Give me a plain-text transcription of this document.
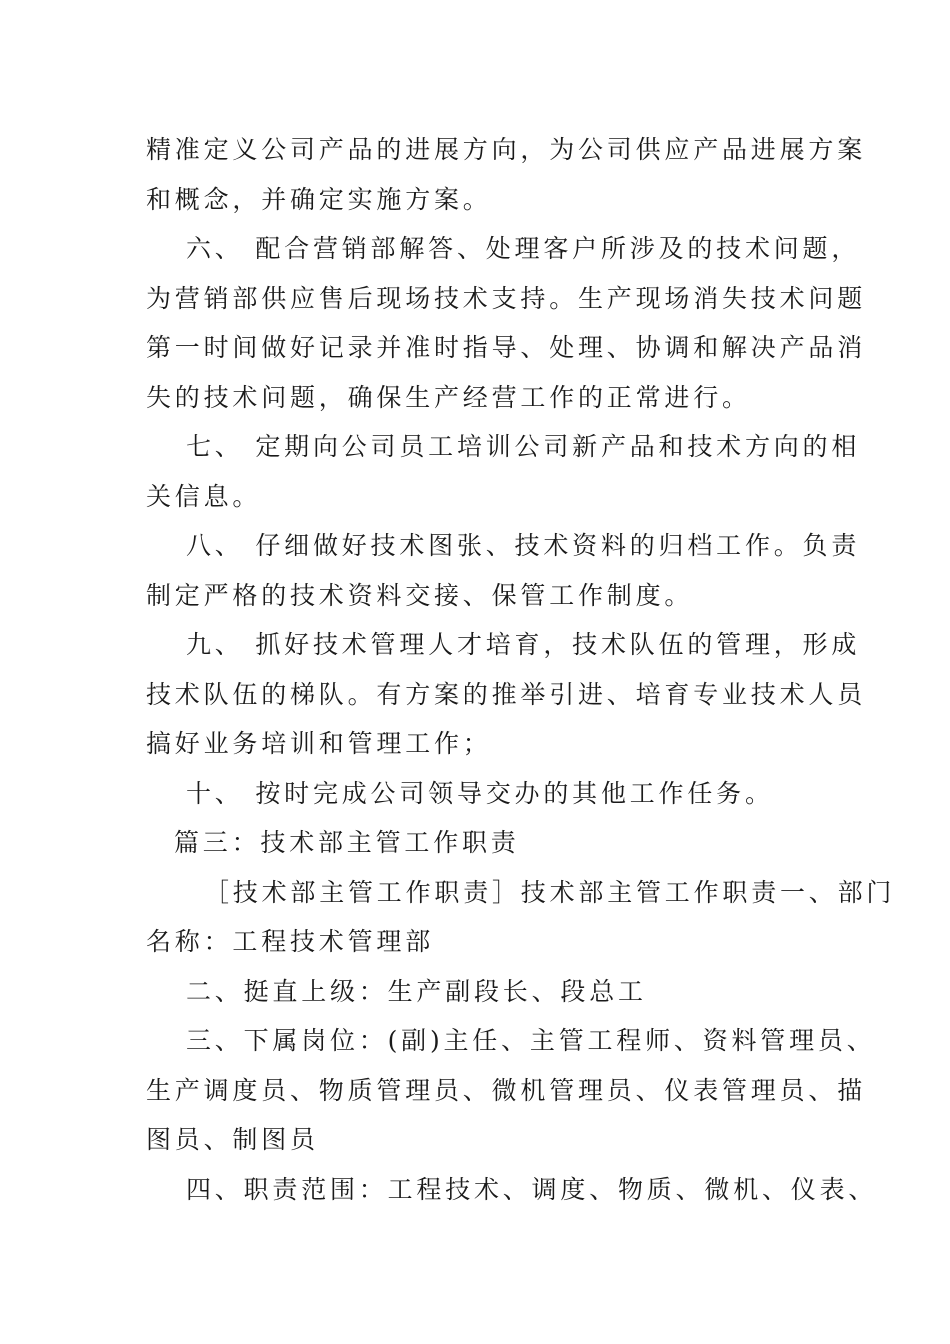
精准定义公司产品的进展方向，为公司供应产品进展方案
和概念，并确定实施方案。
六、 配合营销部解答、处理客户所涉及的技术问题，
为营销部供应售后现场技术支持。生产现场消失技术问题
第一时间做好记录并准时指导、处理、协调和解决产品消
失的技术问题，确保生产经营工作的正常进行。
七、 定期向公司员工培训公司新产品和技术方向的相
关信息。
八、 仔细做好技术图张、技术资料的归档工作。负责
制定严格的技术资料交接、保管工作制度。
九、 抓好技术管理人才培育，技术队伍的管理，形成
技术队伍的梯队。有方案的推举引进、培育专业技术人员
搞好业务培训和管理工作；
十、 按时完成公司领导交办的其他工作任务。
篇三：技术部主管工作职责
［技术部主管工作职责］技术部主管工作职责一、部门
名称：工程技术管理部
二、挺直上级：生产副段长、段总工
三、下属岗位：(副)主任、主管工程师、资料管理员、
生产调度员、物质管理员、微机管理员、仪表管理员、描
图员、制图员
四、职责范围：工程技术、调度、物质、微机、仪表、
